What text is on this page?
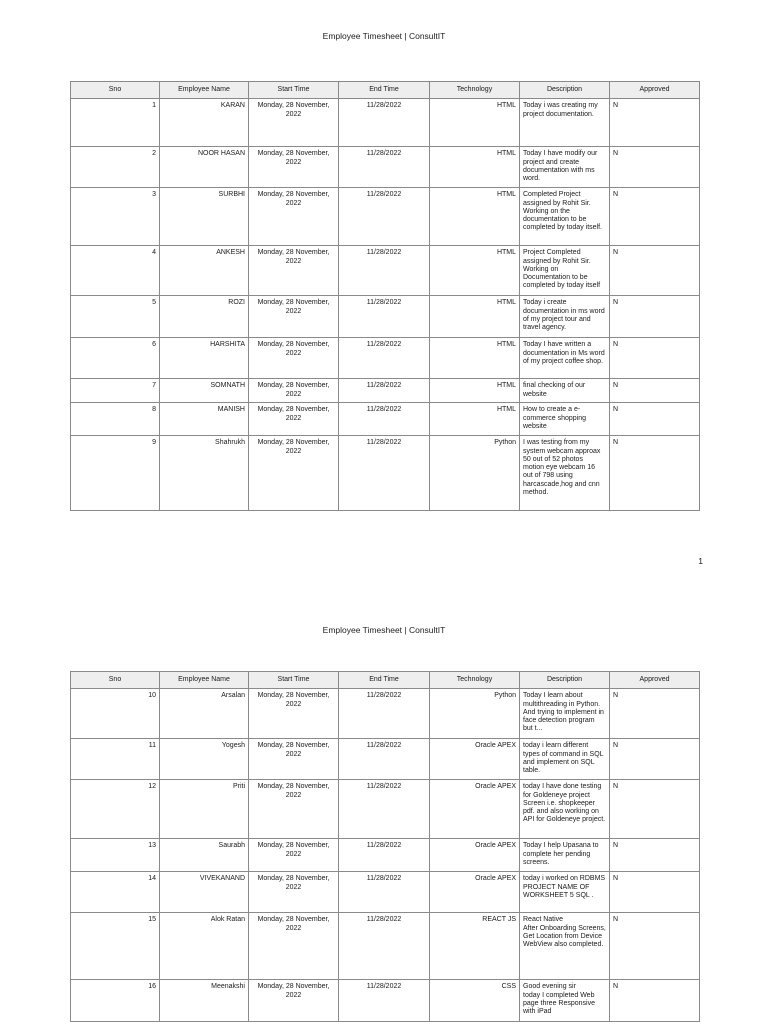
Employee Timesheet | ConsultIT
Sno	Employee Name	Start Time	End Time	Technology	Description	Approved
1	KARAN	Monday, 28 November, 2022	11/28/2022	HTML	Today i was creating my project documentation.	N
2	NOOR HASAN	Monday, 28 November, 2022	11/28/2022	HTML	Today I have modify our project and create documentation with ms word.	N
3	SURBHI	Monday, 28 November, 2022	11/28/2022	HTML	Completed Project assigned by Rohit Sir.
Working on the documentation to be completed by today itself.	N
4	ANKESH	Monday, 28 November, 2022	11/28/2022	HTML	Project Completed assigned by Rohit Sir.
Working on Documentation to be completed by today itself	N
5	ROZI	Monday, 28 November, 2022	11/28/2022	HTML	Today i create documentation in ms word of my project tour and travel agency.	N
6	HARSHITA	Monday, 28 November, 2022	11/28/2022	HTML	Today I have written a documentation in Ms word of my project coffee shop.	N
7	SOMNATH	Monday, 28 November, 2022	11/28/2022	HTML	final checking of our website	N
8	MANISH	Monday, 28 November, 2022	11/28/2022	HTML	How to create a e-commerce shopping website	N
9	Shahrukh	Monday, 28 November, 2022	11/28/2022	Python	I was testing from my system webcam approax 50 out of 52 photos
motion eye webcam 16 out of 798 using harcascade,hog and cnn method.	N
1
Employee Timesheet | ConsultIT
Sno	Employee Name	Start Time	End Time	Technology	Description	Approved
10	Arsalan	Monday, 28 November, 2022	11/28/2022	Python	Today I learn about multithreading in Python. And trying to implement in face detection program but t...	N
11	Yogesh	Monday, 28 November, 2022	11/28/2022	Oracle APEX	today i learn different types of command in SQL and implement on SQL table.	N
12	Priti	Monday, 28 November, 2022	11/28/2022	Oracle APEX	today I have done testing for Goldeneye project Screen i.e. shopkeeper pdf. and also working on API for Goldeneye project.	N
13	Saurabh	Monday, 28 November, 2022	11/28/2022	Oracle APEX	Today I help Upasana to complete her pending screens.	N
14	VIVEKANAND	Monday, 28 November, 2022	11/28/2022	Oracle APEX	today i worked on RDBMS PROJECT NAME OF WORKSHEET 5 SQL .	N
15	Alok Ratan	Monday, 28 November, 2022	11/28/2022	REACT JS	React Native
After Onboarding Screens,
Get Location from Device
WebView also completed.	N
16	Meenakshi	Monday, 28 November, 2022	11/28/2022	CSS	Good evening sir
today I completed Web page three Responsive with iPad	N
